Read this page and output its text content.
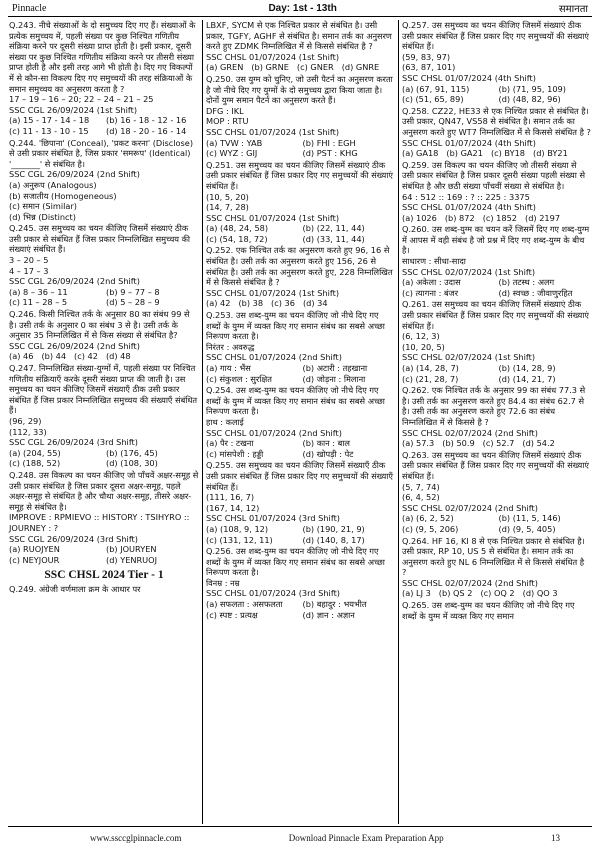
Pinnacle	Day: 1st - 13th	समानता
Q.243. नीचे संख्याओं के दो समुच्चय दिए गए हैं। संख्याओं के प्रत्येक समुच्चय में, पहली संख्या पर कुछ निश्चित गणितीय संक्रिया करने पर दूसरी संख्या प्राप्त होती है। इसी प्रकार, दूसरी संख्या पर कुछ निश्चित गणितीय संक्रिया करने पर तीसरी संख्या प्राप्त होती है और इसी तरह आगे भी होती है। दिए गए विकल्पों में से कौन-सा विकल्प दिए गए समुच्चयों की तरह संक्रियाओं के समान समुच्चय का अनुसरण करता है ?
17 – 19 – 16 – 20; 22 – 24 – 21 – 25
SSC CGL 26/09/2024 (1st Shift)
(a) 15 - 17 - 14 - 18	(b) 16 - 18 - 12 - 16
(c) 11 - 13 - 10 - 15	(d) 18 - 20 - 16 - 14
Q.244. 'छिपाना' (Conceal), 'प्रकट करना' (Disclose) से उसी प्रकार संबंधित है, जिस प्रकार 'समरूप' (Identical) '_______' से संबंधित है।
SSC CGL 26/09/2024 (2nd Shift)
(a) अनुरूप (Analogous)
(b) सजातीय (Homogeneous)
(c) समान (Similar)
(d) भिन्न (Distinct)
Q.245. उस समुच्चय का चयन कीजिए जिसमें संख्याएं ठीक उसी प्रकार से संबंधित हैं जिस प्रकार निम्नलिखित समुच्चय की संख्याएं संबंधित हैं।
3 – 20 – 5
4 – 17 – 3
SSC CGL 26/09/2024 (2nd Shift)
(a) 8 – 36 – 11	(b) 9 – 77 – 8
(c) 11 – 28 – 5	(d) 5 – 28 – 9
Q.246. किसी निश्चित तर्क के अनुसार 80 का संबंध 99 से है। उसी तर्क के अनुसार 0 का संबंध 3 से है। उसी तर्क के अनुसार 35 निम्नलिखित में से किस संख्या से संबंधित है?
SSC CGL 26/09/2024 (2nd Shift)
(a) 46 (b) 44 (c) 42 (d) 48
Q.247. निम्नलिखित संख्या-युग्मों में, पहली संख्या पर निश्चित गणितीय संक्रियाएँ करके दूसरी संख्या प्राप्त की जाती है। उस समुच्चय का चयन कीजिए जिसमें संख्याएँ ठीक उसी प्रकार संबंधित हैं जिस प्रकार निम्नलिखित समुच्चय की संख्याएँ संबंधित हैं।
(96, 29)
(112, 33)
SSC CGL 26/09/2024 (3rd Shift)
(a) (204, 55)	(b) (176, 45)
(c) (188, 52)	(d) (108, 30)
Q.248. उस विकल्प का चयन कीजिए जो पाँचवें अक्षर-समूह से उसी प्रकार संबंधित है जिस प्रकार दूसरा अक्षर-समूह, पहले अक्षर-समूह से संबंधित है और चौथा अक्षर-समूह, तीसरे अक्षर-समूह से संबंधित है।
IMPROVE : RPMIEVO :: HISTORY : TSIHYRO :: JOURNEY : ?
SSC CGL 26/09/2024 (3rd Shift)
(a) RUOJYEN	(b) JOURYEN
(c) NEYJOUR	(d) YENRUOJ
SSC CHSL 2024 Tier - 1
Q.249. अंग्रेजी वर्णमाला क्रम के आधार पर
LBXF, SYCM से एक निश्चित प्रकार से संबंधित है। उसी प्रकार, TGFY, AGHF से संबंधित है। समान तर्क का अनुसरण करते हुए ZDMK निम्नलिखित में से किससे संबंधित है ?
SSC CHSL 01/07/2024 (1st Shift)
(a) GREN (b) GRNE (c) GNER (d) GNRE
Q.250. उस युग्म को चुनिए, जो उसी पैटर्न का अनुसरण करता है जो नीचे दिए गए युग्मों के दो समुच्चय द्वारा किया जाता है। दोनों युग्म समान पैटर्न का अनुसरण करते हैं।
DFG : IKL
MOP : RTU
SSC CHSL 01/07/2024 (1st Shift)
(a) TVW : YAB	(b) FHI : EGH
(c) WYZ : GIJ	(d) PST : KHG
Q.251. उस समुच्चय का चयन कीजिए जिसमें संख्याएं ठीक उसी प्रकार संबंधित हैं जिस प्रकार दिए गए समुच्चयों की संख्याएं संबंधित हैं।
(10, 5, 20)
(14, 7, 28)
SSC CHSL 01/07/2024 (1st Shift)
(a) (48, 24, 58)	(b) (22, 11, 44)
(c) (54, 18, 72)	(d) (33, 11, 44)
Q.252. एक निश्चित तर्क का अनुसरण करते हुए 96, 16 से संबंधित है। उसी तर्क का अनुसरण करते हुए 156, 26 से संबंधित है। उसी तर्क का अनुसरण करते हुए, 228 निम्नलिखित में से किससे संबंधित है ?
SSC CHSL 01/07/2024 (1st Shift)
(a) 42 (b) 38 (c) 36 (d) 34
Q.253. उस शब्द-युग्म का चयन कीजिए जो नीचे दिए गए शब्दों के युग्म में व्यक्त किए गए समान संबंध का सबसे अच्छा निरूपण करता है।
निरंतर : अवरुद्ध
SSC CHSL 01/07/2024 (2nd Shift)
(a) गाय : भैंस	(b) अटारी : तहखाना
(c) संकुशल : सुरक्षित	(d) जोड़ना : मिलाना
Q.254. उस शब्द-युग्म का चयन कीजिए जो नीचे दिए गए शब्दों के युग्म में व्यक्त किए गए समान संबंध का सबसे अच्छा निरूपण करता है।
हाथ : कलाई
SSC CHSL 01/07/2024 (2nd Shift)
(a) पैर : टखना	(b) कान : बाल
(c) मांसपेशी : हड्डी	(d) खोपड़ी : पेट
Q.255. उस समुच्चय का चयन कीजिए जिसमें संख्याएँ ठीक उसी प्रकार संबंधित हैं जिस प्रकार दिए गए समुच्चयों की संख्याएँ संबंधित हैं।
(111, 16, 7)
(167, 14, 12)
SSC CHSL 01/07/2024 (3rd Shift)
(a) (108, 9, 12)	(b) (190, 21, 9)
(c) (131, 12, 11)	(d) (140, 8, 17)
Q.256. उस शब्द-युग्म का चयन कीजिए जो नीचे दिए गए शब्दों के युग्म में व्यक्त किए गए समान संबंध का सबसे अच्छा निरूपण करता है।
विनम्र : नम्र
SSC CHSL 01/07/2024 (3rd Shift)
(a) सफलता : असफलता	(b) बहादुर : भयभीत
(c) स्पष्ट : प्रत्यक्ष	(d) ज्ञान : अज्ञान
Q.257. उस समुच्चय का चयन कीजिए जिसमें संख्याएं ठीक उसी प्रकार संबंधित हैं जिस प्रकार दिए गए समुच्चयों की संख्याएं संबंधित हैं।
(59, 83, 97)
(63, 87, 101)
SSC CHSL 01/07/2024 (4th Shift)
(a) (67, 91, 115)	(b) (71, 95, 109)
(c) (51, 65, 89)	(d) (48, 82, 96)
Q.258. CZ22, HE33 से एक निश्चित प्रकार से संबंधित है। उसी प्रकार, QN47, VS58 से संबंधित है। समान तर्क का अनुसरण करते हुए WT7 निम्नलिखित में से किससे संबंधित है ?
SSC CHSL 01/07/2024 (4th Shift)
(a) GA18 (b) GA21 (c) BY18 (d) BY21
Q.259. उस विकल्प का चयन कीजिए जो तीसरी संख्या से उसी प्रकार संबंधित है जिस प्रकार दूसरी संख्या पहली संख्या से संबंधित है और छठी संख्या पाँचवीं संख्या से संबंधित है।
64 : 512 :: 169 : ? :: 225 : 3375
SSC CHSL 01/07/2024 (4th Shift)
(a) 1026 (b) 872 (c) 1852 (d) 2197
Q.260. उस शब्द-युग्म का चयन करें जिसमें दिए गए शब्द-युग्म में आपस में वही संबंध है जो प्रश्न में दिए गए शब्द-युग्म के बीच है।
साधारण : सीधा-सादा
SSC CHSL 02/07/2024 (1st Shift)
(a) अकेला : उदास	(b) तटस्थ : अलग
(c) त्यागना : बंजर	(d) स्वच्छ : जीवाणुरहित
Q.261. उस समुच्चय का चयन कीजिए जिसमें संख्याएं ठीक उसी प्रकार संबंधित हैं जिस प्रकार दिए गए समुच्चयों की संख्याएं संबंधित हैं।
(6, 12, 3)
(10, 20, 5)
SSC CHSL 02/07/2024 (1st Shift)
(a) (14, 28, 7)	(b) (14, 28, 9)
(c) (21, 28, 7)	(d) (14, 21, 7)
Q.262. एक निश्चित तर्क के अनुसार 99 का संबंध 77.3 से है। उसी तर्क का अनुसरण करते हुए 84.4 का संबंध 62.7 से है। उसी तर्क का अनुसरण करते हुए 72.6 का संबंध निम्नलिखित में से किससे है ?
SSC CHSL 02/07/2024 (2nd Shift)
(a) 57.3 (b) 50.9 (c) 52.7 (d) 54.2
Q.263. उस समुच्चय का चयन कीजिए जिसमें संख्याएं ठीक उसी प्रकार संबंधित हैं जिस प्रकार दिए गए समुच्चयों की संख्याएं संबंधित हैं।
(5, 7, 74)
(6, 4, 52)
SSC CHSL 02/07/2024 (2nd Shift)
(a) (6, 2, 52)	(b) (11, 5, 146)
(c) (9, 5, 206)	(d) (9, 5, 405)
Q.264. HF 16, KI 8 से एक निश्चित प्रकार से संबंधित है। उसी प्रकार, RP 10, US 5 से संबंधित है। समान तर्क का अनुसरण करते हुए NL 6 निम्नलिखित में से किससे संबंधित है ?
SSC CHSL 02/07/2024 (2nd Shift)
(a) LJ 3 (b) QS 2 (c) OQ 2 (d) QO 3
Q.265. उस शब्द-युग्म का चयन कीजिए जो नीचे दिए गए शब्दों के युग्म में व्यक्त किए गए समान
www.ssccglpinnacle.com	Download Pinnacle Exam Preparation App	13
